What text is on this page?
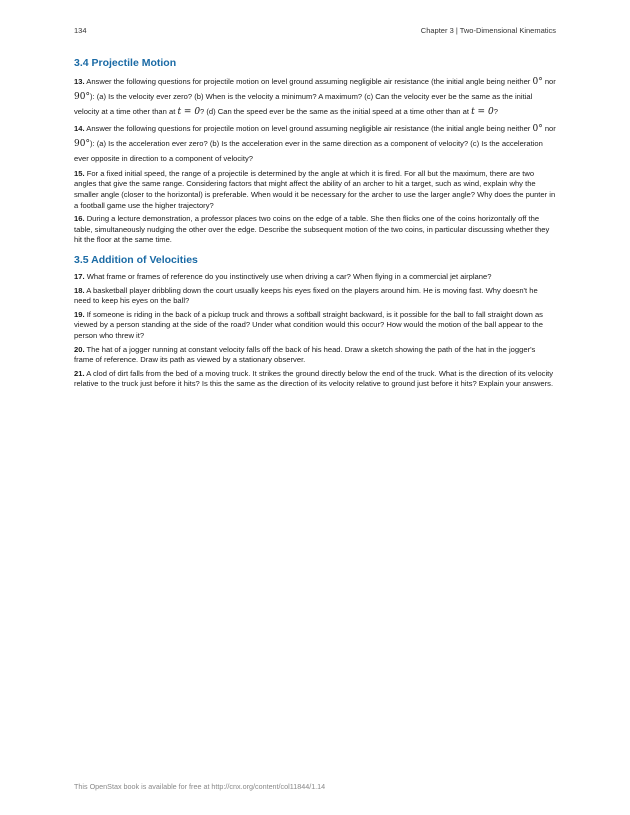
134	Chapter 3 | Two-Dimensional Kinematics
3.4 Projectile Motion

13. Answer the following questions for projectile motion on level ground assuming negligible air resistance (the initial angle being neither 0° nor 90°): (a) Is the velocity ever zero? (b) When is the velocity a minimum? A maximum? (c) Can the velocity ever be the same as the initial velocity at a time other than at t = 0? (d) Can the speed ever be the same as the initial speed at a time other than at t = 0?

14. Answer the following questions for projectile motion on level ground assuming negligible air resistance (the initial angle being neither 0° nor 90°): (a) Is the acceleration ever zero? (b) Is the acceleration ever in the same direction as a component of velocity? (c) Is the acceleration ever opposite in direction to a component of velocity?

15. For a fixed initial speed, the range of a projectile is determined by the angle at which it is fired. For all but the maximum, there are two angles that give the same range. Considering factors that might affect the ability of an archer to hit a target, such as wind, explain why the smaller angle (closer to the horizontal) is preferable. When would it be necessary for the archer to use the larger angle? Why does the punter in a football game use the higher trajectory?

16. During a lecture demonstration, a professor places two coins on the edge of a table. She then flicks one of the coins horizontally off the table, simultaneously nudging the other over the edge. Describe the subsequent motion of the two coins, in particular discussing whether they hit the floor at the same time.

3.5 Addition of Velocities

17. What frame or frames of reference do you instinctively use when driving a car? When flying in a commercial jet airplane?

18. A basketball player dribbling down the court usually keeps his eyes fixed on the players around him. He is moving fast. Why doesn't he need to keep his eyes on the ball?

19. If someone is riding in the back of a pickup truck and throws a softball straight backward, is it possible for the ball to fall straight down as viewed by a person standing at the side of the road? Under what condition would this occur? How would the motion of the ball appear to the person who threw it?

20. The hat of a jogger running at constant velocity falls off the back of his head. Draw a sketch showing the path of the hat in the jogger's frame of reference. Draw its path as viewed by a stationary observer.

21. A clod of dirt falls from the bed of a moving truck. It strikes the ground directly below the end of the truck. What is the direction of its velocity relative to the truck just before it hits? Is this the same as the direction of its velocity relative to ground just before it hits? Explain your answers.

This OpenStax book is available for free at http://cnx.org/content/col11844/1.14
